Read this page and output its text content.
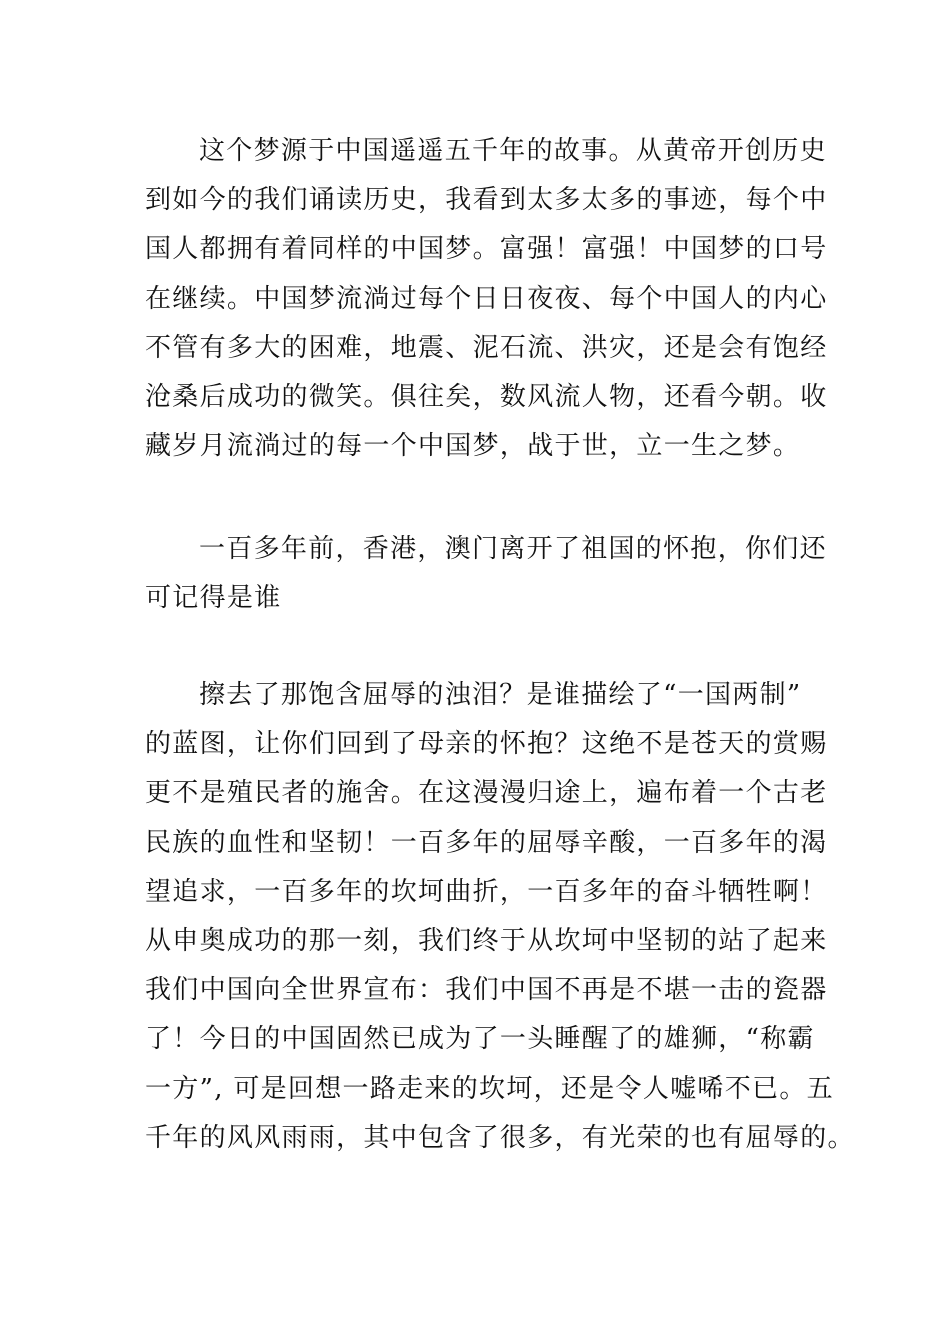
这个梦源于中国遥遥五千年的故事。从黄帝开创历史
到如今的我们诵读历史，我看到太多太多的事迹，每个中
国人都拥有着同样的中国梦。富强！富强！中国梦的口号
在继续。中国梦流淌过每个日日夜夜、每个中国人的内心
不管有多大的困难，地震、泥石流、洪灾，还是会有饱经
沧桑后成功的微笑。俱往矣，数风流人物，还看今朝。收
藏岁月流淌过的每一个中国梦，战于世，立一生之梦。

一百多年前，香港，澳门离开了祖国的怀抱，你们还
可记得是谁

擦去了那饱含屈辱的浊泪？是谁描绘了“一国两制”
的蓝图，让你们回到了母亲的怀抱？这绝不是苍天的赏赐
更不是殖民者的施舍。在这漫漫归途上，遍布着一个古老
民族的血性和坚韧！一百多年的屈辱辛酸，一百多年的渴
望追求，一百多年的坎坷曲折，一百多年的奋斗牺牲啊！
从申奥成功的那一刻，我们终于从坎坷中坚韧的站了起来
我们中国向全世界宣布：我们中国不再是不堪一击的瓷器
了！今日的中国固然已成为了一头睡醒了的雄狮，“称霸
一方”, 可是回想一路走来的坎坷，还是令人嘘唏不已。五
千年的风风雨雨，其中包含了很多，有光荣的也有屈辱的。
